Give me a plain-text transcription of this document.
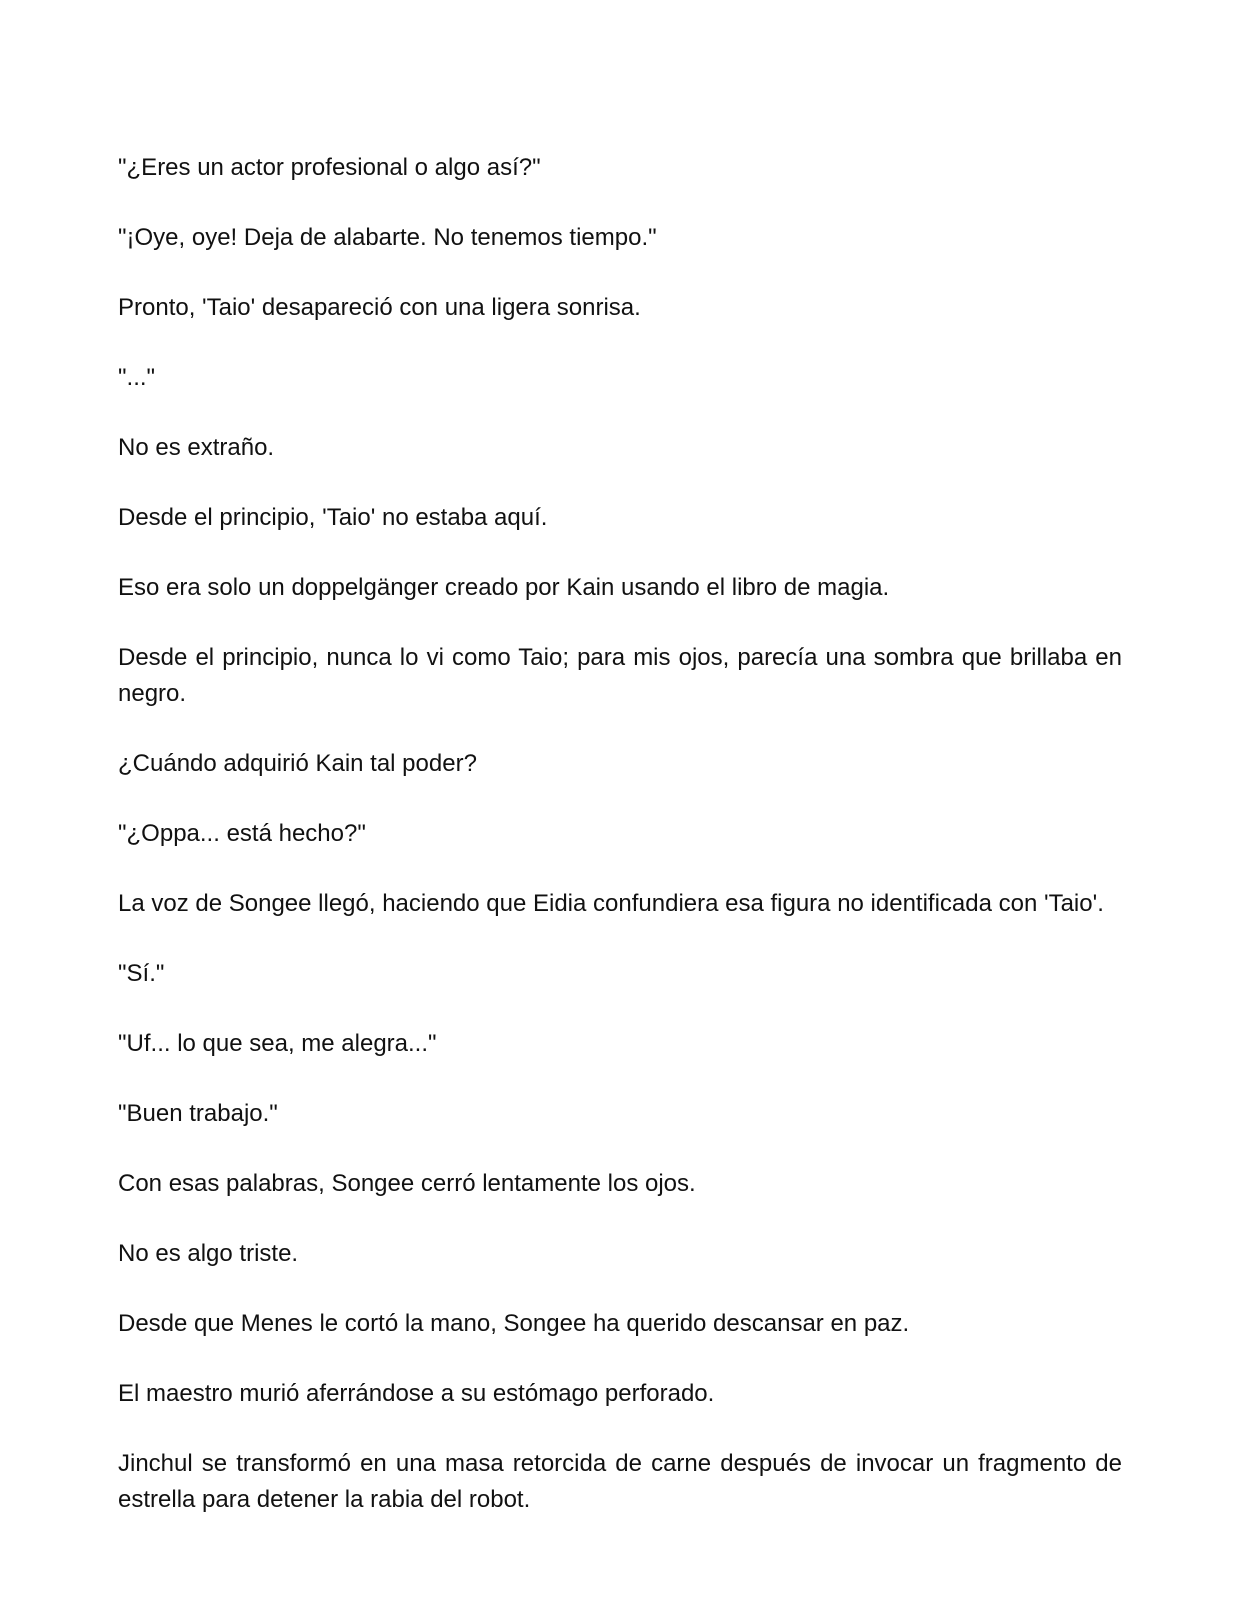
"¿Eres un actor profesional o algo así?"

"¡Oye, oye! Deja de alabarte. No tenemos tiempo."

Pronto, 'Taio' desapareció con una ligera sonrisa.

"..."

No es extraño.

Desde el principio, 'Taio' no estaba aquí.

Eso era solo un doppelgänger creado por Kain usando el libro de magia.

Desde el principio, nunca lo vi como Taio; para mis ojos, parecía una sombra que brillaba en negro.

¿Cuándo adquirió Kain tal poder?

"¿Oppa... está hecho?"

La voz de Songee llegó, haciendo que Eidia confundiera esa figura no identificada con 'Taio'.

"Sí."

"Uf... lo que sea, me alegra..."

"Buen trabajo."

Con esas palabras, Songee cerró lentamente los ojos.

No es algo triste.

Desde que Menes le cortó la mano, Songee ha querido descansar en paz.

El maestro murió aferrándose a su estómago perforado.

Jinchul se transformó en una masa retorcida de carne después de invocar un fragmento de estrella para detener la rabia del robot.
